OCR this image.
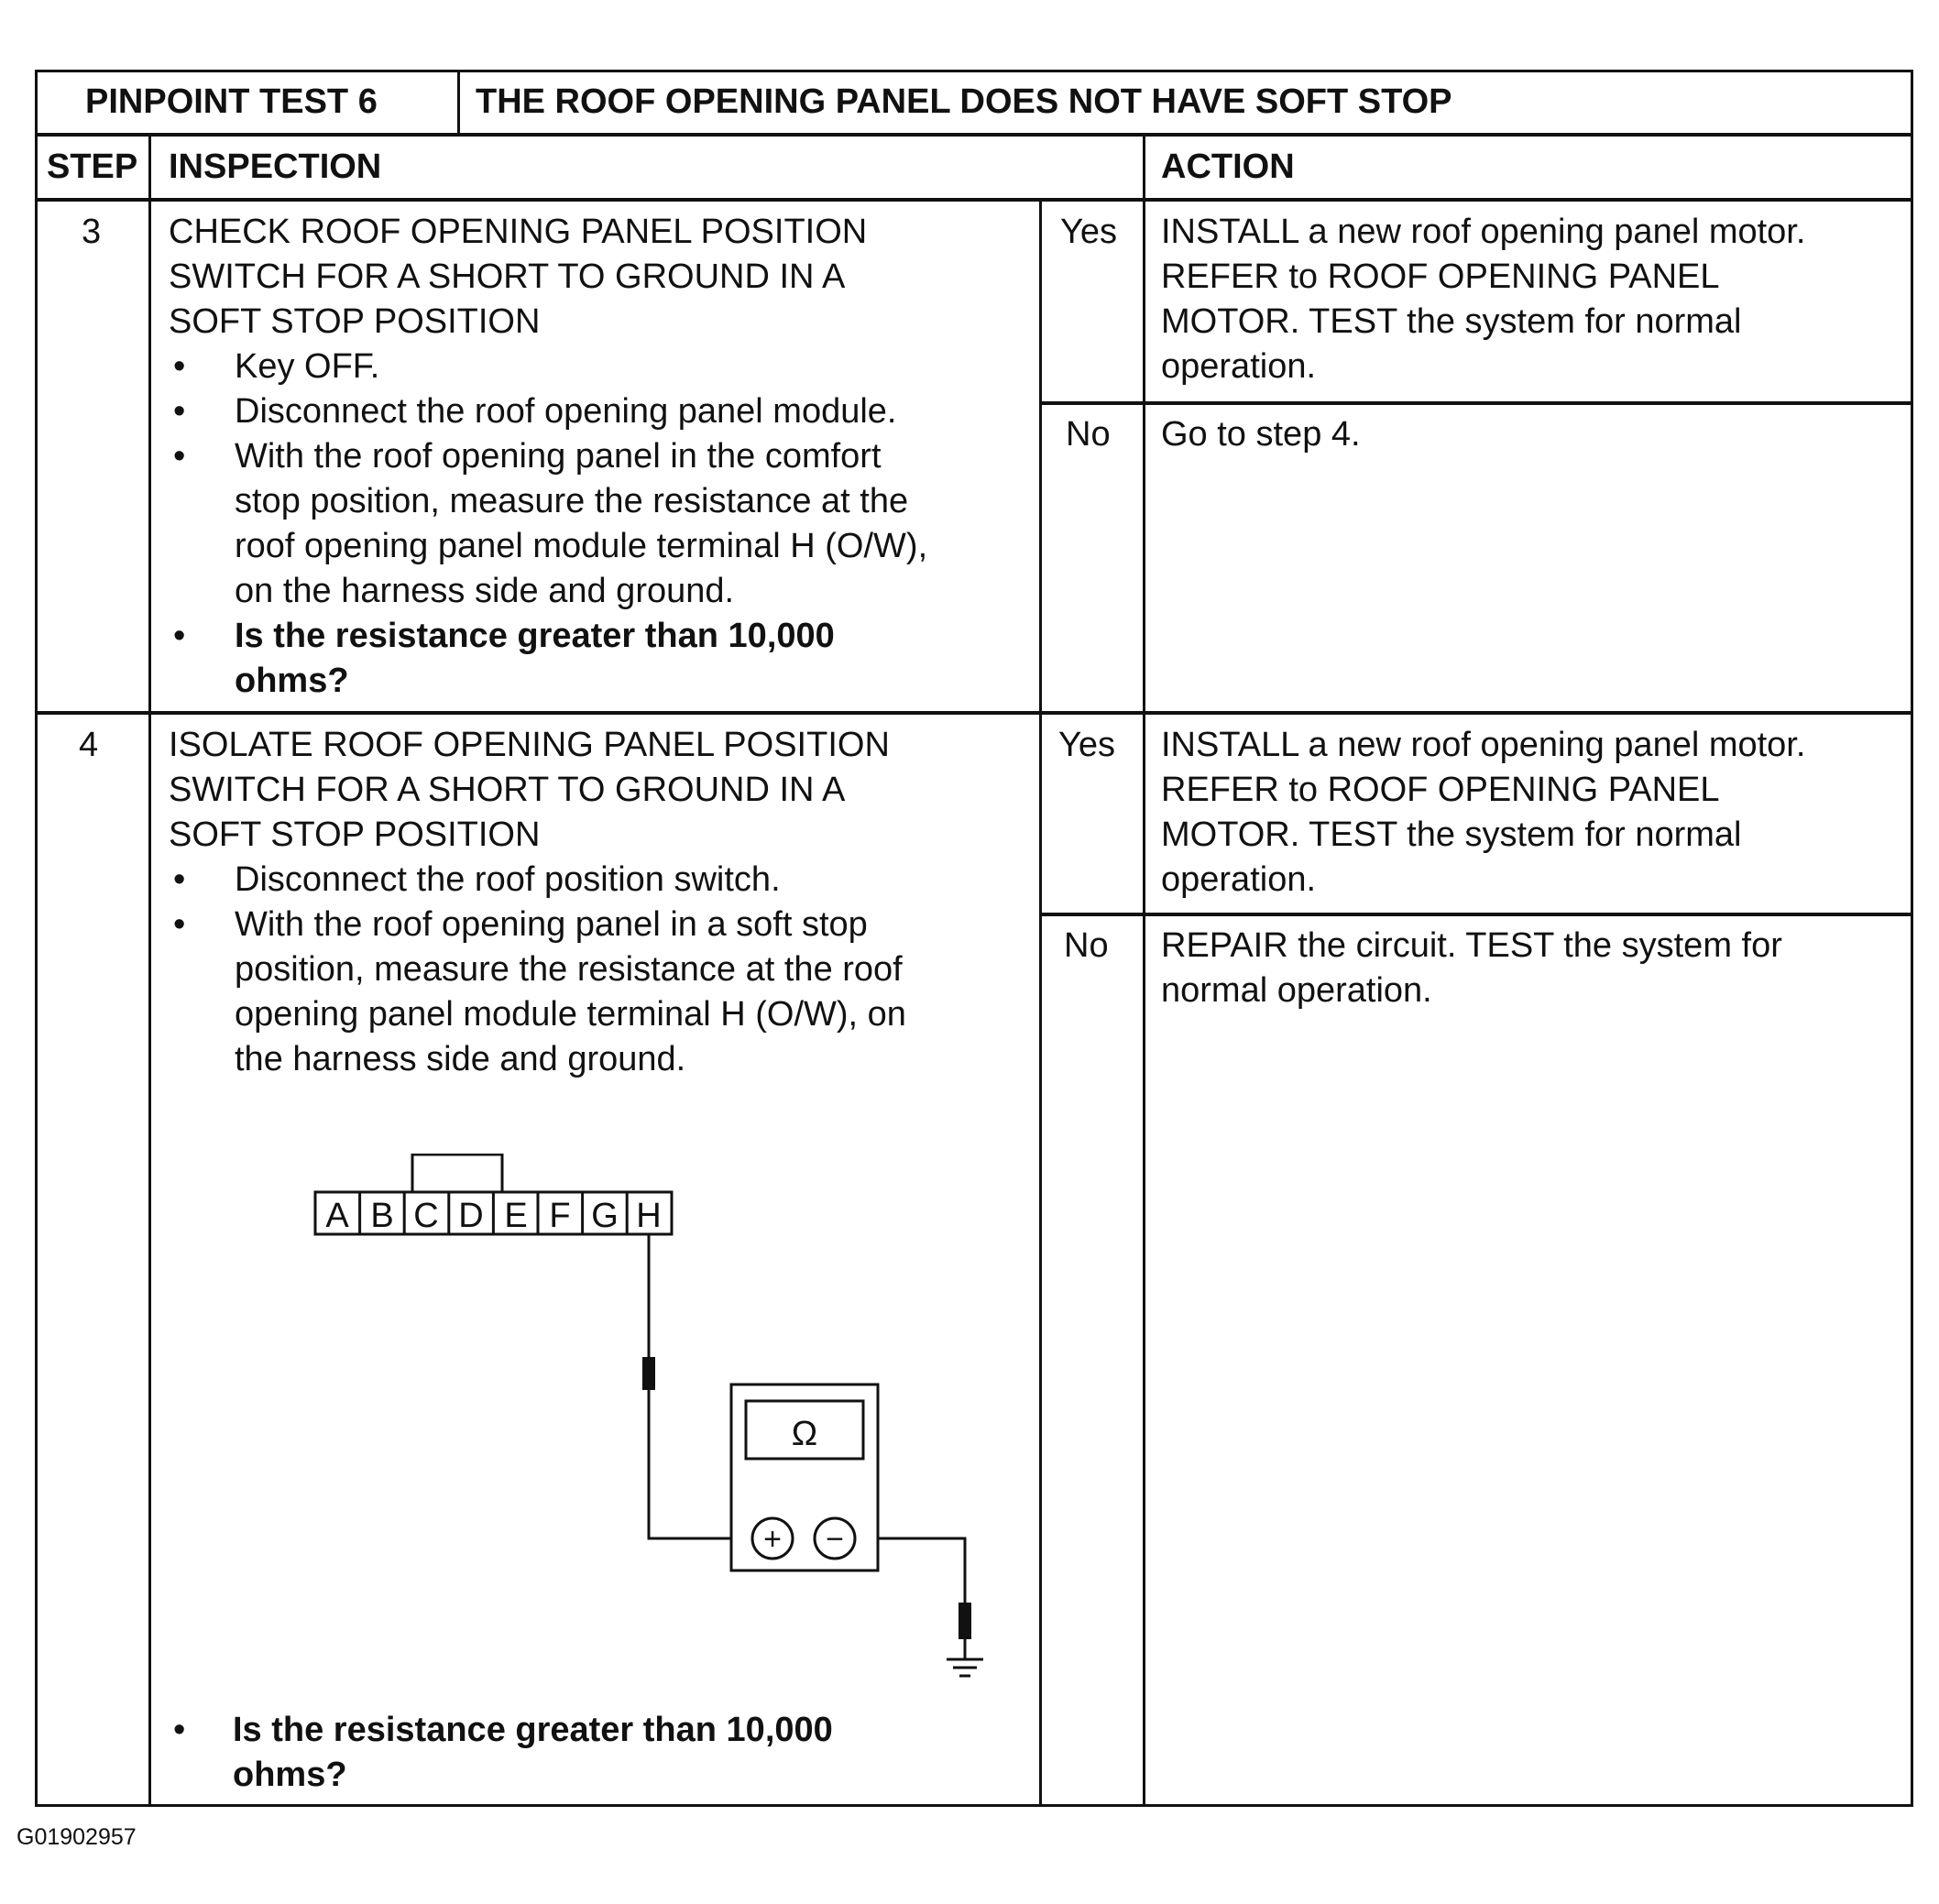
PINPOINT TEST 6	THE ROOF OPENING PANEL DOES NOT HAVE SOFT STOP
STEP INSPECTION	ACTION
3 CHECK ROOF OPENING PANEL POSITION
SWITCH FOR A SHORT TO GROUND IN A
SOFT STOP POSITION
• Key OFF.
• Disconnect the roof opening panel module.
• With the roof opening panel in the comfort
stop position, measure the resistance at the
roof opening panel module terminal H (O/W),
on the harness side and ground.
• Is the resistance greater than 10,000
ohms?
Yes INSTALL a new roof opening panel motor.
REFER to ROOF OPENING PANEL
MOTOR. TEST the system for normal
operation.
No Go to step 4.
4 ISOLATE ROOF OPENING PANEL POSITION
SWITCH FOR A SHORT TO GROUND IN A
SOFT STOP POSITION
• Disconnect the roof position switch.
• With the roof opening panel in a soft stop
position, measure the resistance at the roof
opening panel module terminal H (O/W), on
the harness side and ground.
• Is the resistance greater than 10,000
ohms?
Yes INSTALL a new roof opening panel motor.
REFER to ROOF OPENING PANEL
MOTOR. TEST the system for normal
operation.
No REPAIR the circuit. TEST the system for
normal operation.
A B C D E F G H
Ω
+ −
G01902957
